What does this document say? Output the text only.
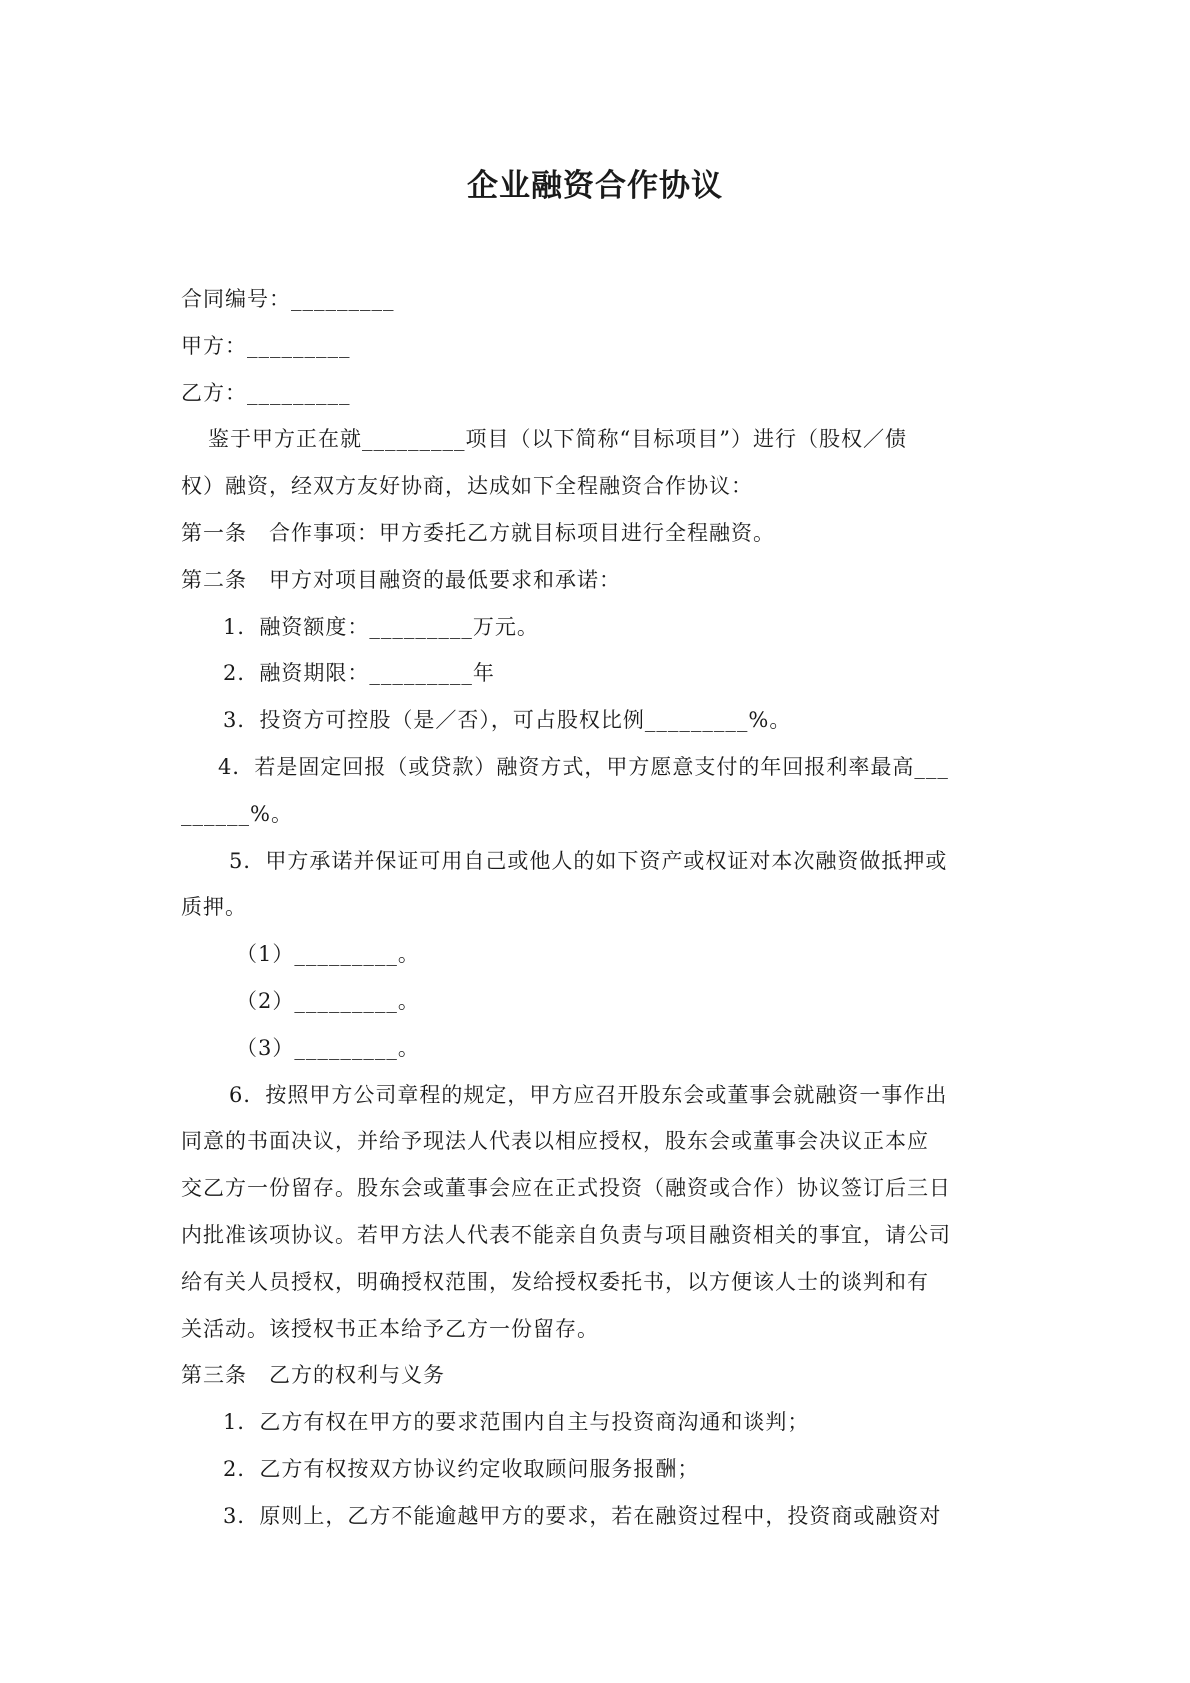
企业融资合作协议

合同编号：_________

甲方：_________

乙方：_________

鉴于甲方正在就_________项目（以下简称“目标项目”）进行（股权／债

权）融资，经双方友好协商，达成如下全程融资合作协议：

第一条　合作事项：甲方委托乙方就目标项目进行全程融资。

第二条　甲方对项目融资的最低要求和承诺：

1．融资额度：_________万元。

2．融资期限：_________年

3．投资方可控股（是／否），可占股权比例_________%。

4．若是固定回报（或贷款）融资方式，甲方愿意支付的年回报利率最高___

______%。

5．甲方承诺并保证可用自己或他人的如下资产或权证对本次融资做抵押或

质押。

（1）_________。

（2）_________。

（3）_________。

6．按照甲方公司章程的规定，甲方应召开股东会或董事会就融资一事作出

同意的书面决议，并给予现法人代表以相应授权，股东会或董事会决议正本应

交乙方一份留存。股东会或董事会应在正式投资（融资或合作）协议签订后三日

内批准该项协议。若甲方法人代表不能亲自负责与项目融资相关的事宜，请公司

给有关人员授权，明确授权范围，发给授权委托书，以方便该人士的谈判和有

关活动。该授权书正本给予乙方一份留存。

第三条　乙方的权利与义务

1．乙方有权在甲方的要求范围内自主与投资商沟通和谈判；

2．乙方有权按双方协议约定收取顾问服务报酬；

3．原则上，乙方不能逾越甲方的要求，若在融资过程中，投资商或融资对
